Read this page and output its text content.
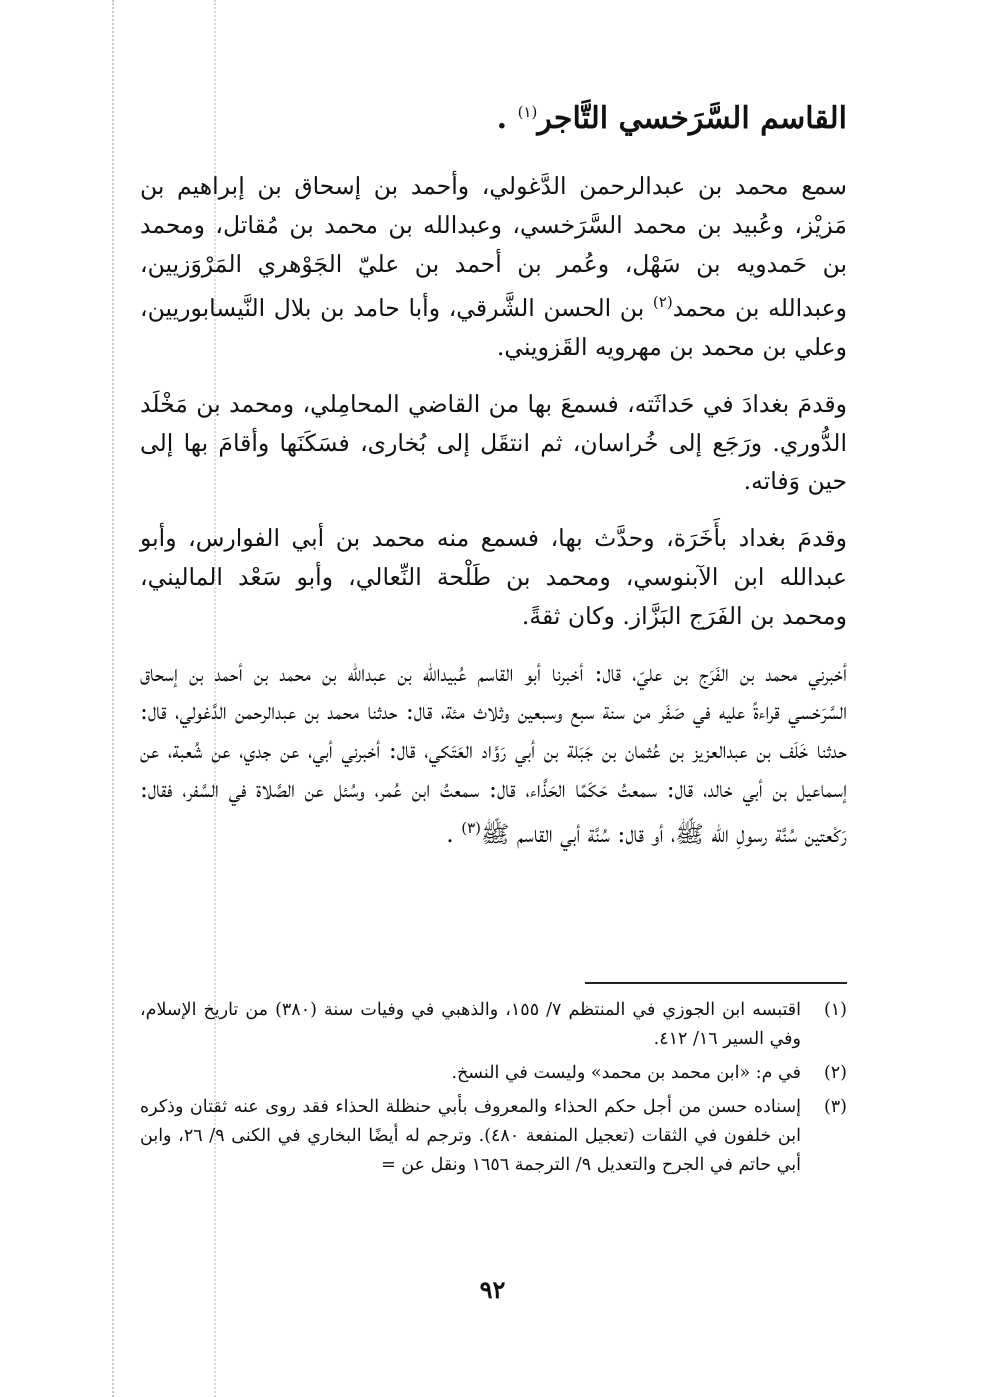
القاسم السَّرَخسي التَّاجر$^{(١)}$ .

سمع محمد بن عبدالرحمن الدَّغولي، وأحمد بن إسحاق بن إبراهيم بن مَزيْز، وعُبيد بن محمد السَّرَخسي، وعبدالله بن محمد بن مُقاتل، ومحمد بن حَمدويه بن سَهْل، وعُمر بن أحمد بن عليّ الجَوْهري المَرْوَزيين، وعبدالله بن محمد$^{(٢)}$ بن الحسن الشَّرقي، وأبا حامد بن بلال النَّيسابوريين، وعلي بن محمد بن مهرويه القَزويني.

وقدمَ بغدادَ في حَداثَته، فسمعَ بها من القاضي المحامِلي، ومحمد بن مَخْلَد الدُّوري. ورَجَع إلى خُراسان، ثم انتقَل إلى بُخارى، فسَكَنَها وأقامَ بها إلى حين وَفاته.

وقدمَ بغداد بأَخَرَة، وحدَّث بها، فسمع منه محمد بن أبي الفوارس، وأبو عبدالله ابن الآبنوسي، ومحمد بن طَلْحة النِّعالي، وأبو سَعْد الماليني، ومحمد بن الفَرَج البَزَّاز. وكان ثقةً.

أخبرني محمد بن الفَرَج بن عليّ، قال: أخبرنا أبو القاسم عُبيدالله بن عبدالله بن محمد بن أحمد بن إسحاق السَّرَخسي قراءةً عليه في صَفَر من سنة سبع وسبعين وثلاث مئة، قال: حدثنا محمد بن عبدالرحمن الدَّغولي، قال: حدثنا خَلَف بن عبدالعزيز بن عُثمان بن جَبَلة بن أبي رَوَّاد العَتَكي، قال: أخبرني أبي، عن جدي، عن شُعبة، عن إسماعيل بن أبي خالد، قال: سمعتُ حَكَمًا الحَذَّاء، قال: سمعتُ ابن عُمر، وسُئل عن الصَّلاة في السَّفر، فقال: رَكْعتين سُنَّة رسولِ الله ﷺ، أو قال: سُنَّة أبي القاسم ﷺ$^{(٣)}$ .

(١)
اقتبسه ابن الجوزي في المنتظم ٧/ ١٥٥، والذهبي في وفيات سنة (٣٨٠) من تاريخ الإسلام، وفي السير ١٦/ ٤١٢.
(٢)
في م: «ابن محمد بن محمد» وليست في النسخ.
(٣)
إسناده حسن من أجل حكم الحذاء والمعروف بأبي حنظلة الحذاء فقد روى عنه ثقتان وذكره ابن خلفون في الثقات (تعجيل المنفعة ٤٨٠). وترجم له أيضًا البخاري في الكنى ٩/ ٢٦، وابن أبي حاتم في الجرح والتعديل ٩/ الترجمة ١٦٥٦ ونقل عن =
٩٢
